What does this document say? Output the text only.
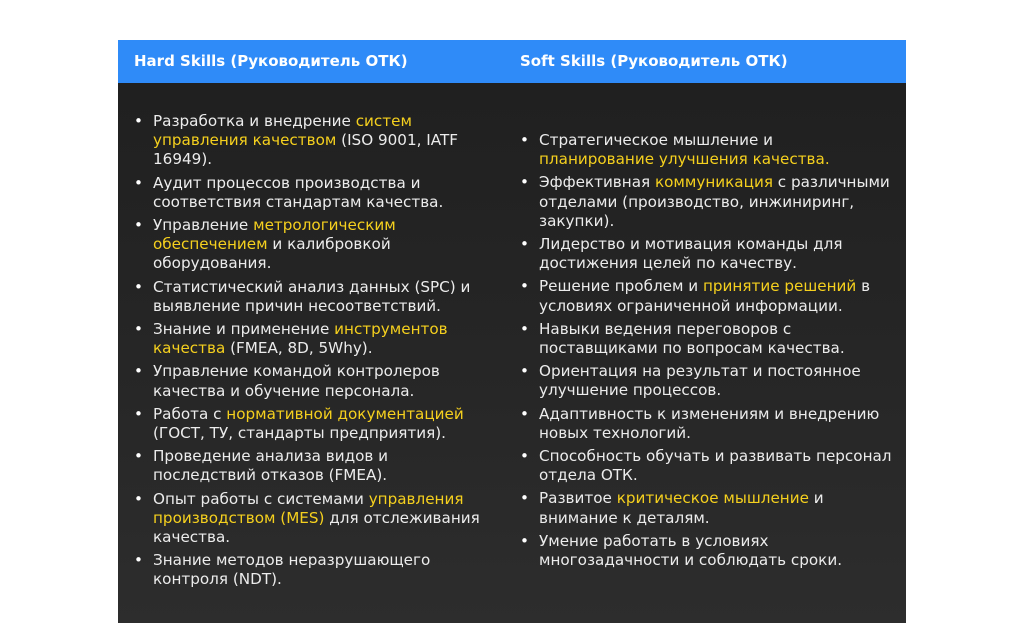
Hard Skills (Руководитель ОТК)	Soft Skills (Руководитель ОТК)
• Разработка и внедрение систем управления качеством (ISO 9001, IATF 16949).
• Аудит процессов производства и соответствия стандартам качества.
• Управление метрологическим обеспечением и калибровкой оборудования.
• Статистический анализ данных (SPC) и выявление причин несоответствий.
• Знание и применение инструментов качества (FMEA, 8D, 5Why).
• Управление командой контролеров качества и обучение персонала.
• Работа с нормативной документацией (ГОСТ, ТУ, стандарты предприятия).
• Проведение анализа видов и последствий отказов (FMEA).
• Опыт работы с системами управления производством (MES) для отслеживания качества.
• Знание методов неразрушающего контроля (NDT).
• Стратегическое мышление и планирование улучшения качества.
• Эффективная коммуникация с различными отделами (производство, инжиниринг, закупки).
• Лидерство и мотивация команды для достижения целей по качеству.
• Решение проблем и принятие решений в условиях ограниченной информации.
• Навыки ведения переговоров с поставщиками по вопросам качества.
• Ориентация на результат и постоянное улучшение процессов.
• Адаптивность к изменениям и внедрению новых технологий.
• Способность обучать и развивать персонал отдела ОТК.
• Развитое критическое мышление и внимание к деталям.
• Умение работать в условиях многозадачности и соблюдать сроки.
